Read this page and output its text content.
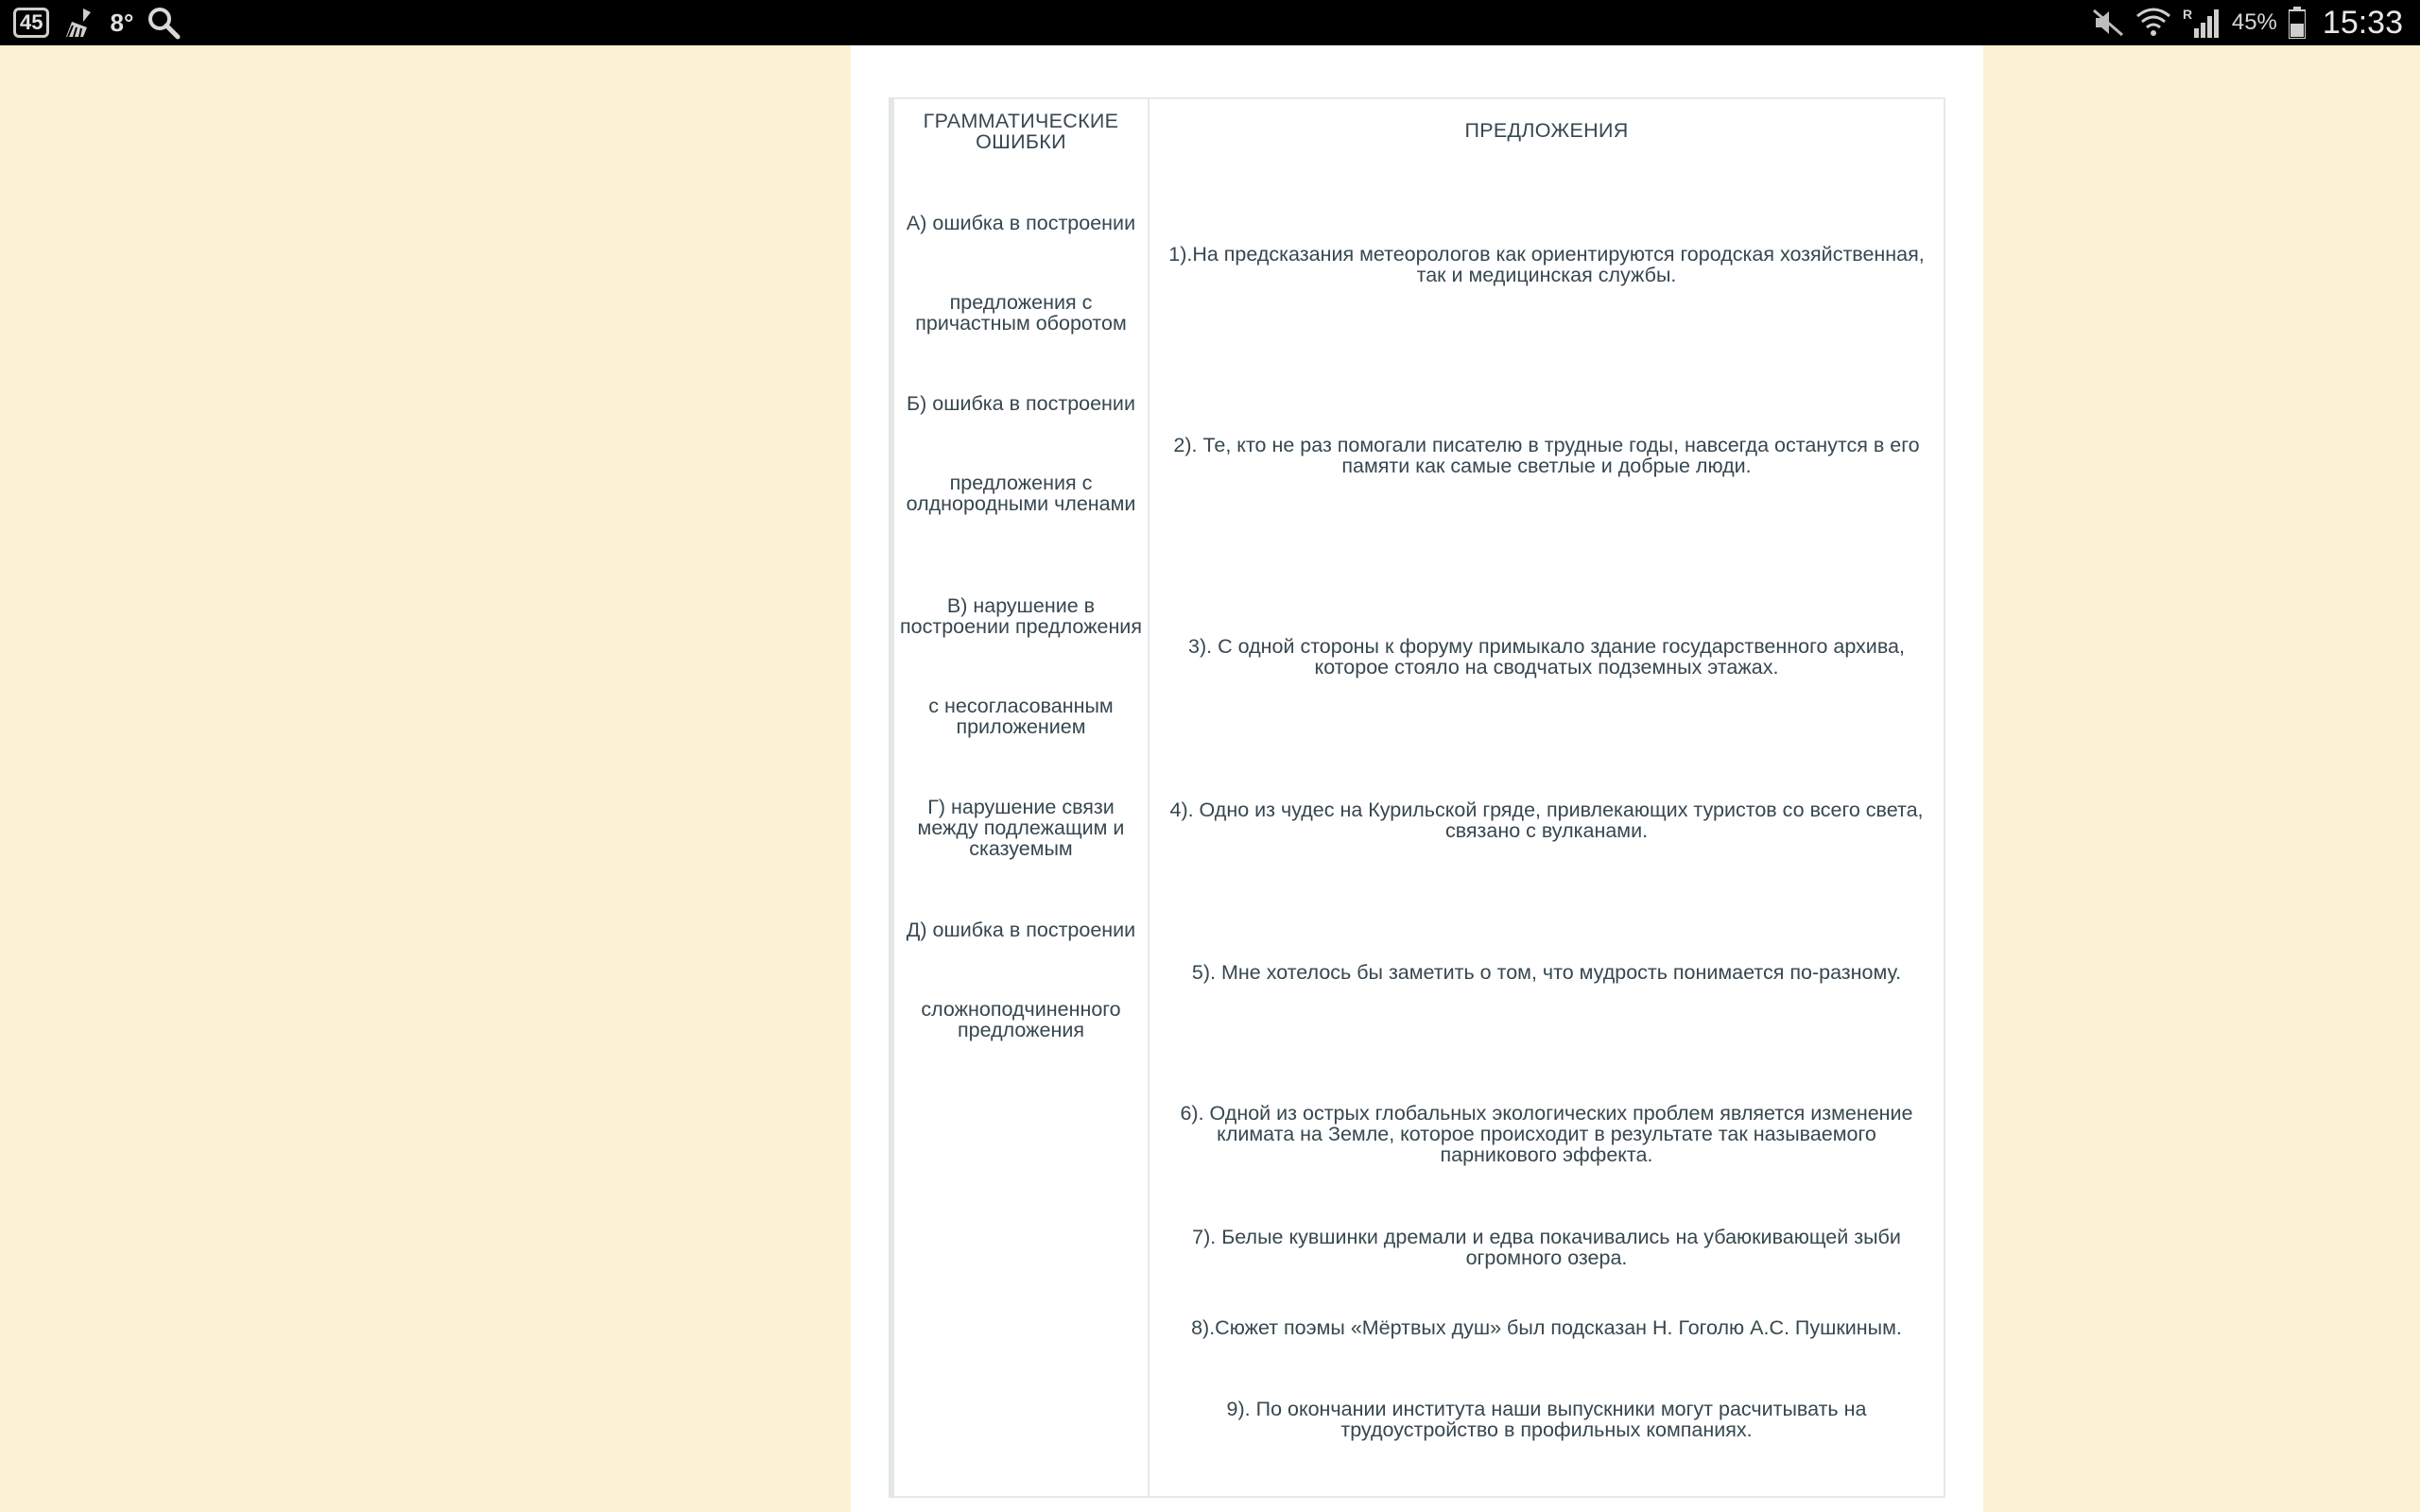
45	8°	R 45% 15:33
ГРАММАТИЧЕСКИЕ ОШИБКИ
А) ошибка в построении
предложения с причастным оборотом
Б) ошибка в построении
предложения с олднородными членами
В) нарушение в построении предложения
с несогласованным приложением
Г) нарушение связи между подлежащим и сказуемым
Д) ошибка в построении
сложноподчиненного предложения
ПРЕДЛОЖЕНИЯ
1).На предсказания метеорологов как ориентируются городская хозяйственная, так и медицинская службы.
2). Те, кто не раз помогали писателю в трудные годы, навсегда останутся в его памяти как самые светлые и добрые люди.
3). С одной стороны к форуму примыкало здание государственного архива, которое стояло на сводчатых подземных этажах.
4). Одно из чудес на Курильской гряде, привлекающих туристов со всего света, связано с вулканами.
5). Мне хотелось бы заметить о том, что мудрость понимается по-разному.
6). Одной из острых глобальных экологических проблем является изменение климата на Земле, которое происходит в результате так называемого парникового эффекта.
7). Белые кувшинки дремали и едва покачивались на убаюкивающей зыби огромного озера.
8).Сюжет поэмы «Мёртвых душ» был подсказан Н. Гоголю А.С. Пушкиным.
9). По окончании института наши выпускники могут расчитывать на трудоустройство в профильных компаниях.
